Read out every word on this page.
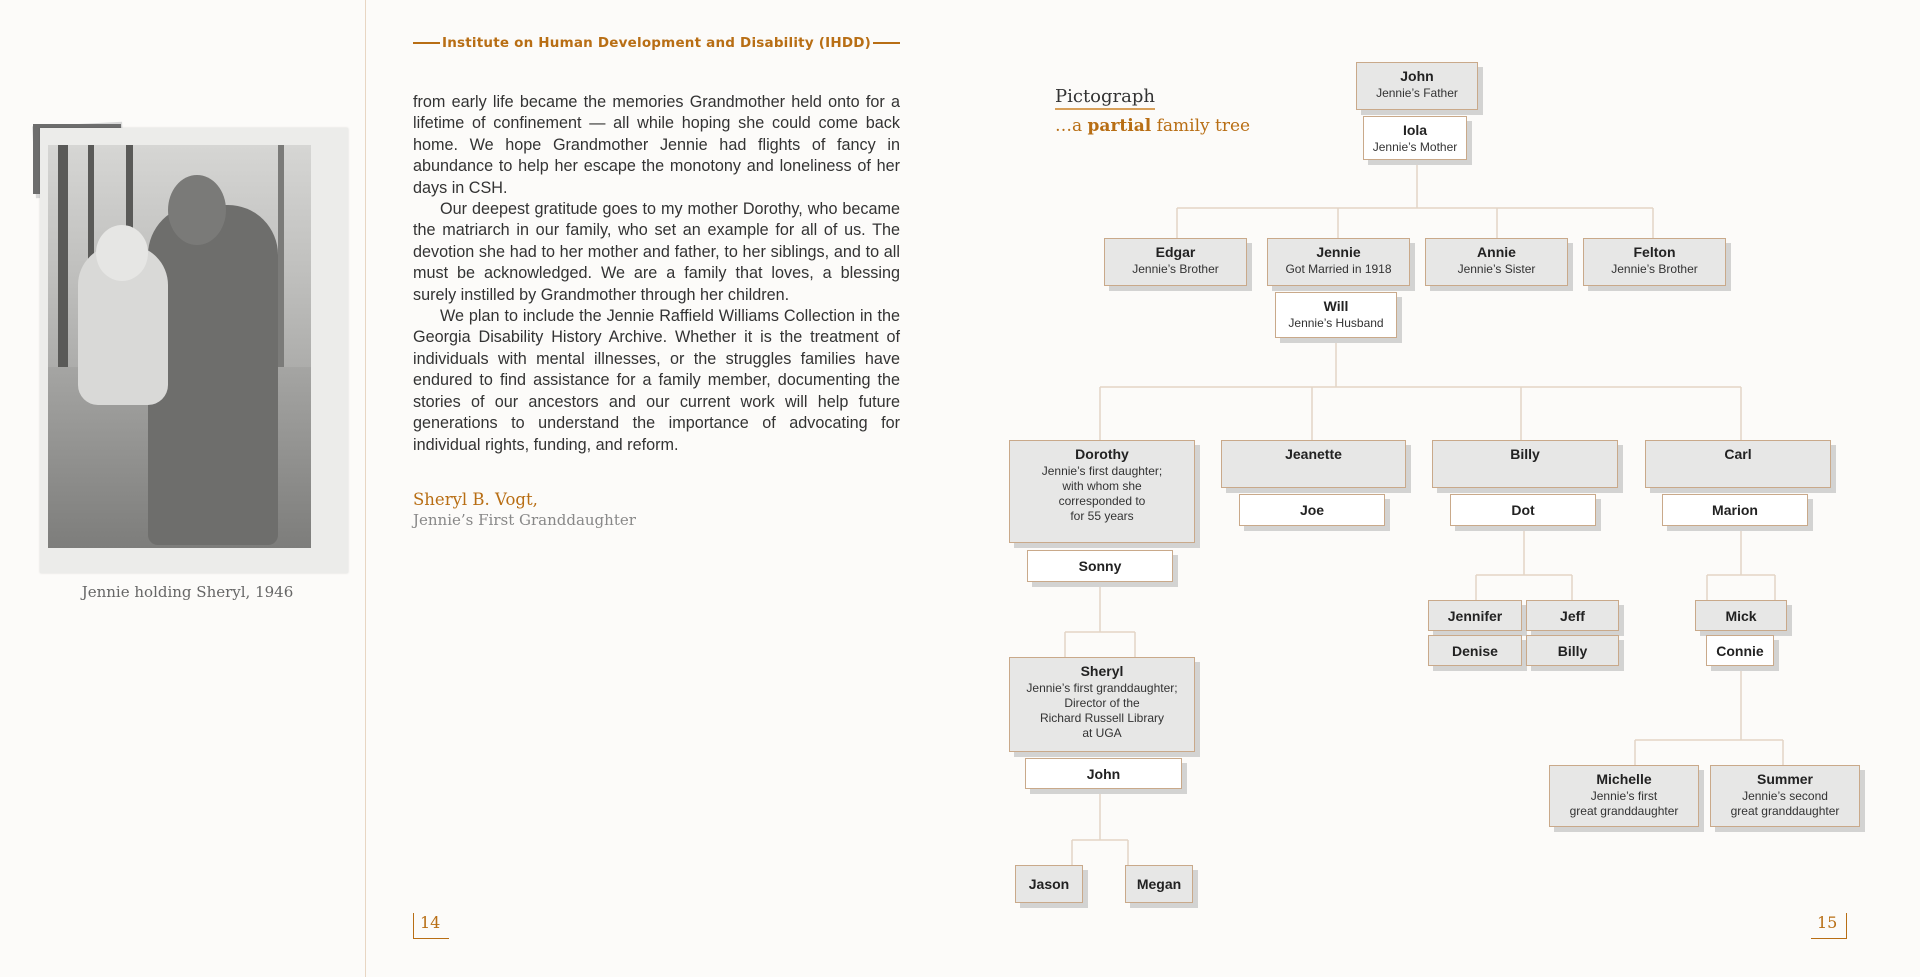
Jennie holding Sheryl, 1946
Institute on Human Development and Disability (IHDD)

from early life became the memories Grandmother held onto for a lifetime of confinement — all while hoping she could come back home. We hope Grandmother Jennie had flights of fancy in abundance to help her escape the monotony and loneliness of her days in CSH.

Our deepest gratitude goes to my mother Dorothy, who became the matriarch in our family, who set an example for all of us. The devotion she had to her mother and father, to her siblings, and to all must be acknowledged. We are a family that loves, a blessing surely instilled by Grandmother through her children.

We plan to include the Jennie Raffield Williams Collection in the Georgia Disability History Archive. Whether it is the treatment of individuals with mental illnesses, or the struggles families have endured to find assistance for a family member, documenting the stories of our ancestors and our current work will help future generations to understand the importance of advocating for individual rights, funding, and reform.

Sheryl B. Vogt,
Jennie’s First Granddaughter
14	15
Pictograph
…a partial family tree
John
Jennie’s Father
Iola
Jennie’s Mother
Edgar
Jennie’s Brother
Jennie
Got Married in 1918
Annie
Jennie’s Sister
Felton
Jennie’s Brother
Will
Jennie’s Husband
Dorothy
Jennie’s first daughter;
with whom she
corresponded to
for 55 years
Sonny
Jeanette
Joe
Billy
Dot
Carl
Marion
Jennifer	Jeff
Denise	Billy
Mick
Connie
Sheryl
Jennie’s first granddaughter;
Director of the
Richard Russell Library
at UGA
John
Jason	Megan
Michelle
Jennie’s first
great granddaughter
Summer
Jennie’s second
great granddaughter
